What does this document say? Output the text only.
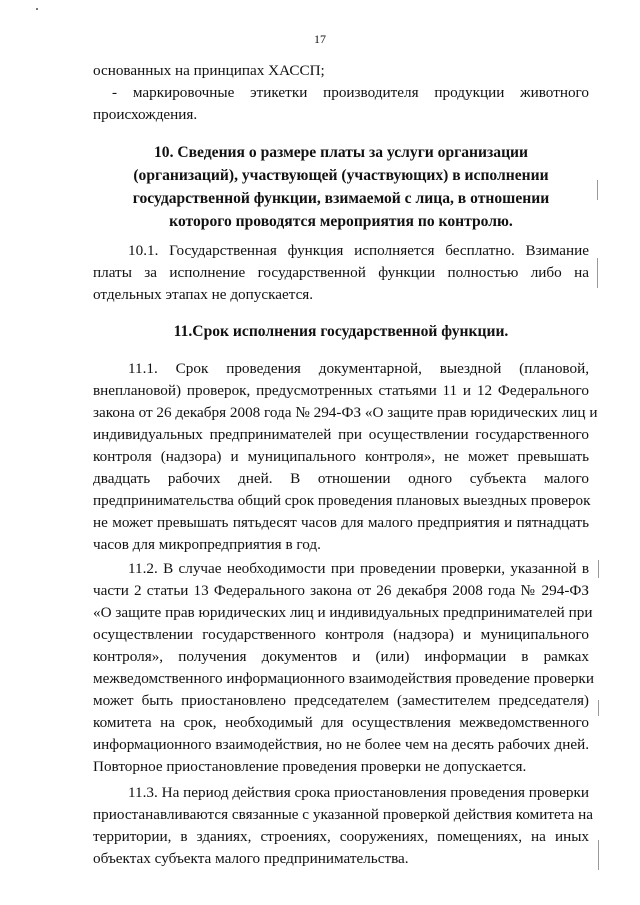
17
основанных на принципах ХАССП;
- маркировочные этикетки производителя продукции животного
происхождения.
10. Сведения о размере платы за услуги организации
(организаций), участвующей (участвующих) в исполнении
государственной функции, взимаемой с лица, в отношении
которого проводятся мероприятия по контролю.
10.1. Государственная функция исполняется бесплатно. Взимание
платы за исполнение государственной функции полностью либо на
отдельных этапах не допускается.
11.Срок исполнения государственной функции.
11.1. Срок проведения документарной, выездной (плановой,
внеплановой) проверок, предусмотренных статьями 11 и 12 Федерального
закона от 26 декабря 2008 года № 294-ФЗ «О защите прав юридических лиц и
индивидуальных предпринимателей при осуществлении государственного
контроля (надзора) и муниципального контроля», не может превышать
двадцать рабочих дней. В отношении одного субъекта малого
предпринимательства общий срок проведения плановых выездных проверок
не может превышать пятьдесят часов для малого предприятия и пятнадцать
часов для микропредприятия в год.
11.2. В случае необходимости при проведении проверки, указанной в
части 2 статьи 13 Федерального закона от 26 декабря 2008 года № 294-ФЗ
«О защите прав юридических лиц и индивидуальных предпринимателей при
осуществлении государственного контроля (надзора) и муниципального
контроля», получения документов и (или) информации в рамках
межведомственного информационного взаимодействия проведение проверки
может быть приостановлено председателем (заместителем председателя)
комитета на срок, необходимый для осуществления межведомственного
информационного взаимодействия, но не более чем на десять рабочих дней.
Повторное приостановление проведения проверки не допускается.
11.3. На период действия срока приостановления проведения проверки
приостанавливаются связанные с указанной проверкой действия комитета на
территории, в зданиях, строениях, сооружениях, помещениях, на иных
объектах субъекта малого предпринимательства.
